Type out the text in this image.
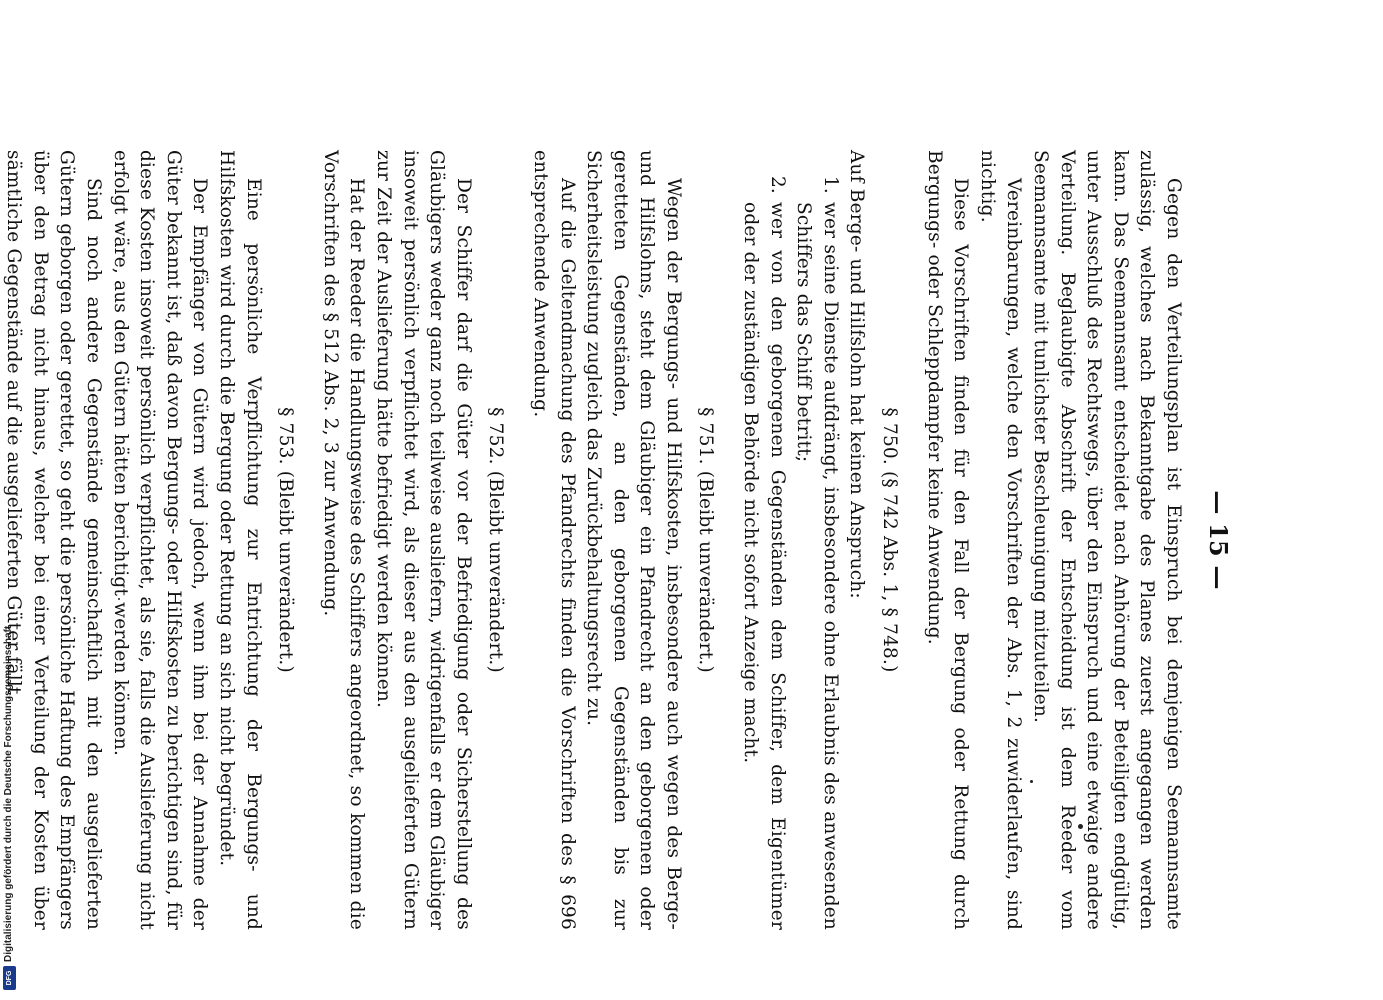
Digitalisierung gefördert durch die Deutsche Forschungsgemeinschaft -
DFG
— 15 —

Gegen den Verteilungsplan ist Einspruch bei demjenigen Seemannsamte zulässig, welches nach Bekanntgabe des Planes zuerst angegangen werden kann. Das Seemannsamt entscheidet nach Anhörung der Beteiligten endgültig, unter Ausschluß des Rechtswegs, über den Einspruch und eine etwaige andere Verteilung. Beglaubigte Abschrift der Entscheidung ist dem Reeder vom Seemannsamte mit tunlichster Beschleunigung mitzuteilen.

Vereinbarungen, welche den Vorschriften der Abs. 1, 2 zuwiderlaufen, sind nichtig.

Diese Vorschriften finden für den Fall der Bergung oder Rettung durch Bergungs- oder Schleppdampfer keine Anwendung.

§ 750. (§ 742 Abs. 1, § 748.)

Auf Berge- und Hilfslohn hat keinen Anspruch:

1.
wer seine Dienste aufdrängt, insbesondere ohne Erlaubnis des anwesenden Schiffers das Schiff betritt;
2.
wer von den geborgenen Gegenständen dem Schiffer, dem Eigentümer oder der zuständigen Behörde nicht sofort Anzeige macht.
§ 751. (Bleibt unverändert.)

Wegen der Bergungs- und Hilfskosten, insbesondere auch wegen des Berge- und Hilfslohns, steht dem Gläubiger ein Pfandrecht an den geborgenen oder geretteten Gegenständen, an den geborgenen Gegenständen bis zur Sicherheitsleistung zugleich das Zurückbehaltungsrecht zu.

Auf die Geltendmachung des Pfandrechts finden die Vorschriften des § 696 entsprechende Anwendung.

§ 752. (Bleibt unverändert.)

Der Schiffer darf die Güter vor der Befriedigung oder Sicherstellung des Gläubigers weder ganz noch teilweise ausliefern, widrigenfalls er dem Gläubiger insoweit persönlich verpflichtet wird, als dieser aus den ausgelieferten Gütern zur Zeit der Auslieferung hätte befriedigt werden können.

Hat der Reeder die Handlungsweise des Schiffers angeordnet, so kommen die Vorschriften des § 512 Abs. 2, 3 zur Anwendung.

§ 753. (Bleibt unverändert.)

Eine persönliche Verpflichtung zur Entrichtung der Bergungs- und Hilfskosten wird durch die Bergung oder Rettung an sich nicht begründet.

Der Empfänger von Gütern wird jedoch, wenn ihm bei der Annahme der Güter bekannt ist, daß davon Bergungs- oder Hilfskosten zu berichtigen sind, für diese Kosten insoweit persönlich verpflichtet, als sie, falls die Auslieferung nicht erfolgt wäre, aus den Gütern hätten berichtigt werden können.

Sind noch andere Gegenstände gemeinschaftlich mit den ausgelieferten Gütern geborgen oder gerettet, so geht die persönliche Haftung des Empfängers über den Betrag nicht hinaus, welcher bei einer Verteilung der Kosten über sämtliche Gegenstände auf die ausgelieferten Güter fällt.
